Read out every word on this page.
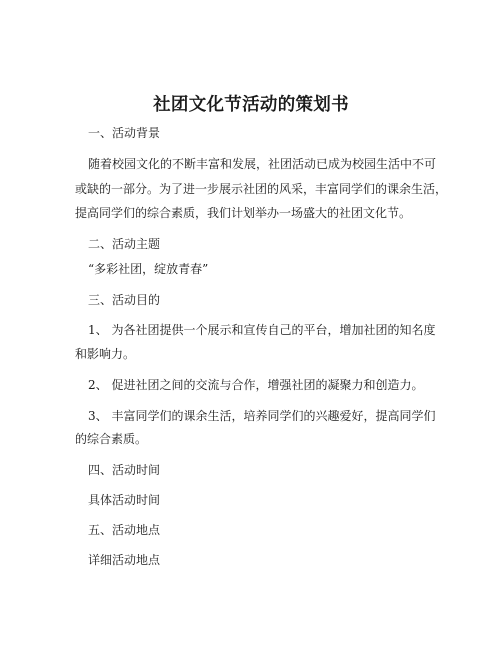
社团文化节活动的策划书
一、活动背景
随着校园文化的不断丰富和发展，社团活动已成为校园生活中不可
或缺的一部分。为了进一步展示社团的风采，丰富同学们的课余生活，
提高同学们的综合素质，我们计划举办一场盛大的社团文化节。
二、活动主题
“多彩社团，绽放青春”
三、活动目的
1、 为各社团提供一个展示和宣传自己的平台，增加社团的知名度
和影响力。
2、 促进社团之间的交流与合作，增强社团的凝聚力和创造力。
3、 丰富同学们的课余生活，培养同学们的兴趣爱好，提高同学们
的综合素质。
四、活动时间
具体活动时间
五、活动地点
详细活动地点
